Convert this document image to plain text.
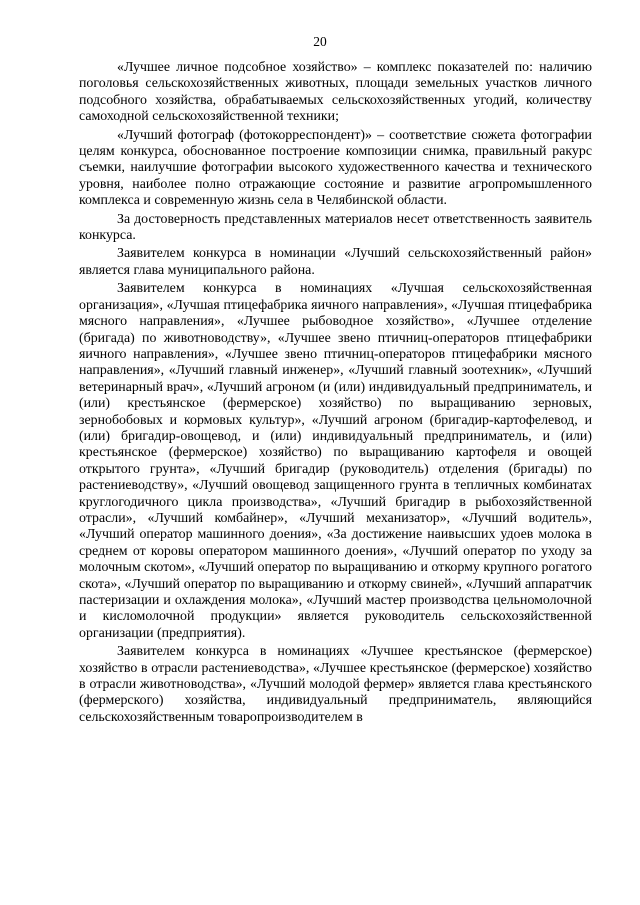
20

«Лучшее личное подсобное хозяйство» – комплекс показателей по: наличию поголовья сельскохозяйственных животных, площади земельных участков личного подсобного хозяйства, обрабатываемых сельскохозяйственных угодий, количеству самоходной сельскохозяйственной техники;

«Лучший фотограф (фотокорреспондент)» – соответствие сюжета фотографии целям конкурса, обоснованное построение композиции снимка, правильный ракурс съемки, наилучшие фотографии высокого художественного качества и технического уровня, наиболее полно отражающие состояние и развитие агропромышленного комплекса и современную жизнь села в Челябинской области.

За достоверность представленных материалов несет ответственность заявитель конкурса.

Заявителем конкурса в номинации «Лучший сельскохозяйственный район» является глава муниципального района.

Заявителем конкурса в номинациях «Лучшая сельскохозяйственная организация», «Лучшая птицефабрика яичного направления», «Лучшая птицефабрика мясного направления», «Лучшее рыбоводное хозяйство», «Лучшее отделение (бригада) по животноводству», «Лучшее звено птичниц-операторов птицефабрики яичного направления», «Лучшее звено птичниц-операторов птицефабрики мясного направления», «Лучший главный инженер», «Лучший главный зоотехник», «Лучший ветеринарный врач», «Лучший агроном (и (или) индивидуальный предприниматель, и (или) крестьянское (фермерское) хозяйство) по выращиванию зерновых, зернобобовых и кормовых культур», «Лучший агроном (бригадир-картофелевод, и (или) бригадир-овощевод, и (или) индивидуальный предприниматель, и (или) крестьянское (фермерское) хозяйство) по выращиванию картофеля и овощей открытого грунта», «Лучший бригадир (руководитель) отделения (бригады) по растениеводству», «Лучший овощевод защищенного грунта в тепличных комбинатах круглогодичного цикла производства», «Лучший бригадир в рыбохозяйственной отрасли», «Лучший комбайнер», «Лучший механизатор», «Лучший водитель», «Лучший оператор машинного доения», «За достижение наивысших удоев молока в среднем от коровы оператором машинного доения», «Лучший оператор по уходу за молочным скотом», «Лучший оператор по выращиванию и откорму крупного рогатого скота», «Лучший оператор по выращиванию и откорму свиней», «Лучший аппаратчик пастеризации и охлаждения молока», «Лучший мастер производства цельномолочной и кисломолочной продукции» является руководитель сельскохозяйственной организации (предприятия).

Заявителем конкурса в номинациях «Лучшее крестьянское (фермерское) хозяйство в отрасли растениеводства», «Лучшее крестьянское (фермерское) хозяйство в отрасли животноводства», «Лучший молодой фермер» является глава крестьянского (фермерского) хозяйства, индивидуальный предприниматель, являющийся сельскохозяйственным товаропроизводителем в
